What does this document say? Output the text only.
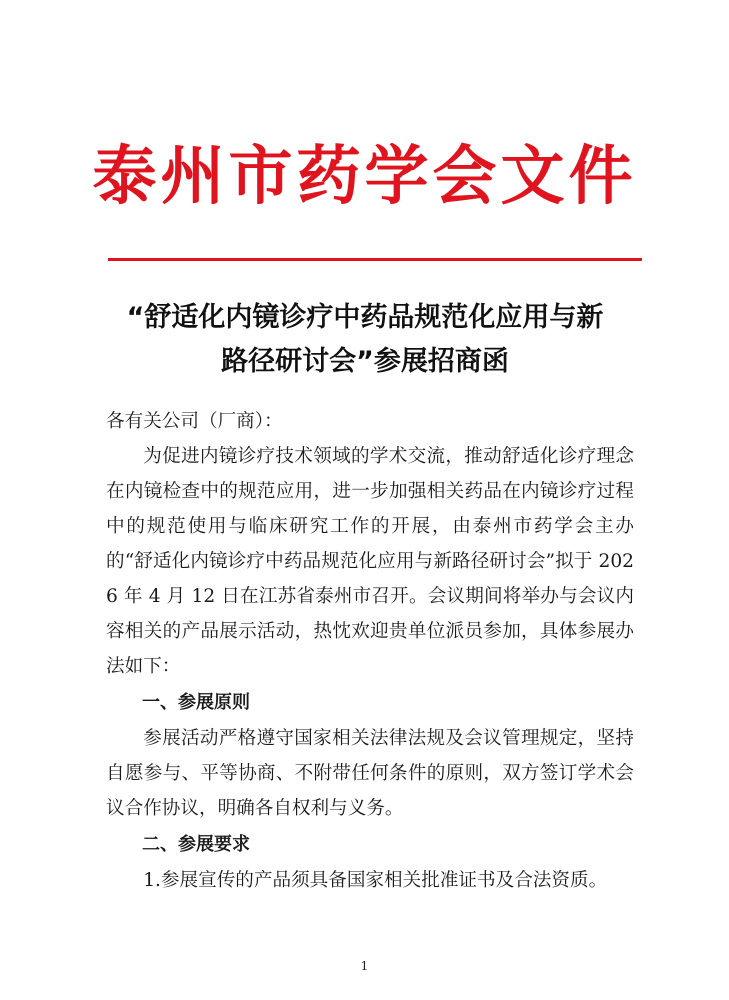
泰州市药学会文件
“舒适化内镜诊疗中药品规范化应用与新
路径研讨会”参展招商函

各有关公司（厂商）：

为促进内镜诊疗技术领域的学术交流，推动舒适化诊疗理念在内镜检查中的规范应用，进一步加强相关药品在内镜诊疗过程中的规范使用与临床研究工作的开展，由泰州市药学会主办的“舒适化内镜诊疗中药品规范化应用与新路径研讨会”拟于 2026 年 4 月 12 日在江苏省泰州市召开。会议期间将举办与会议内容相关的产品展示活动，热忱欢迎贵单位派员参加，具体参展办法如下：

一、参展原则

参展活动严格遵守国家相关法律法规及会议管理规定，坚持自愿参与、平等协商、不附带任何条件的原则，双方签订学术会议合作协议，明确各自权利与义务。

二、参展要求

1.参展宣传的产品须具备国家相关批准证书及合法资质。

1
